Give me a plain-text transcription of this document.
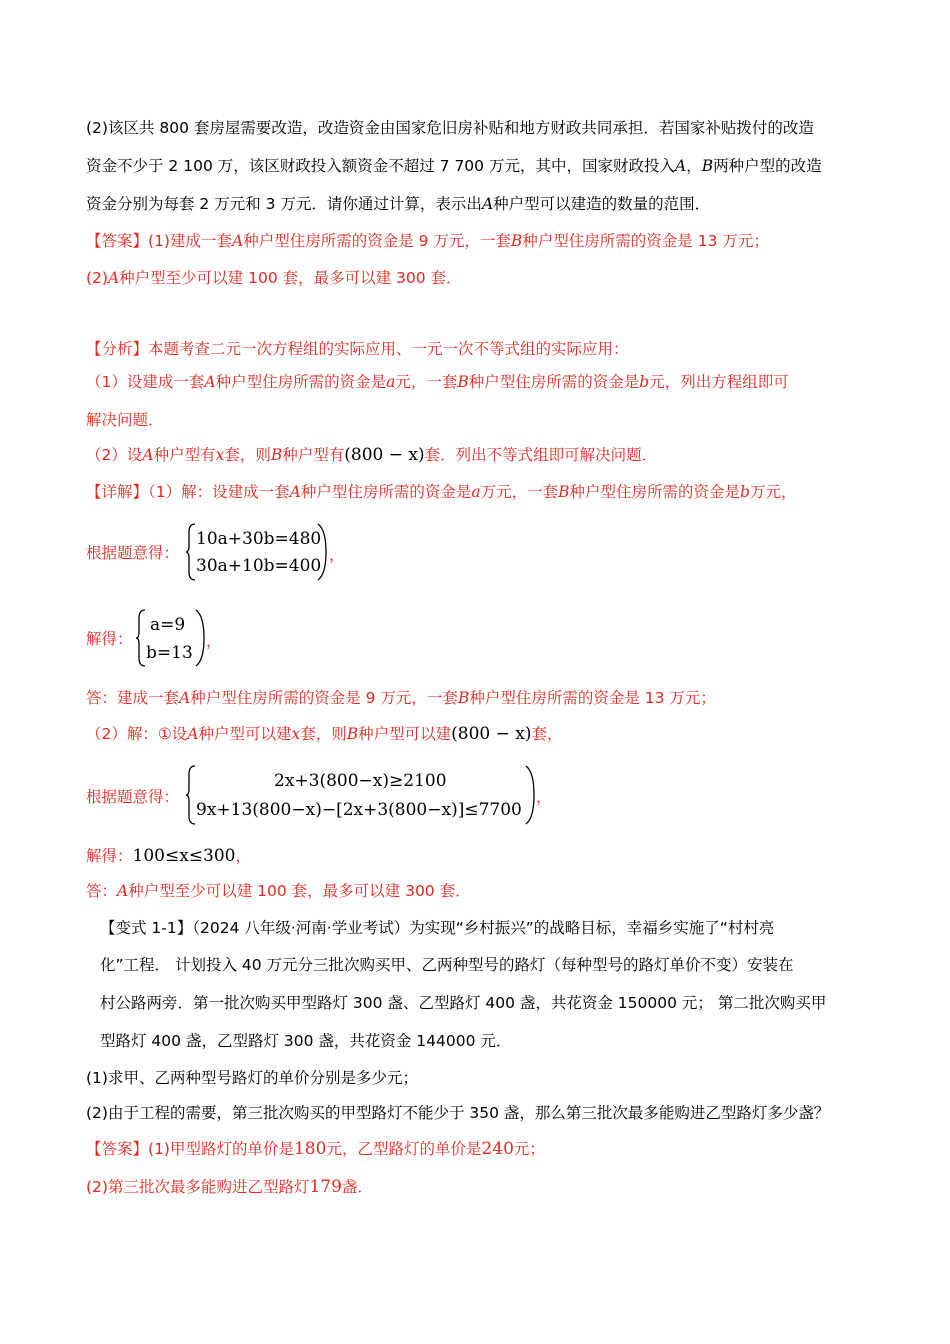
(2)该区共 800 套房屋需要改造，改造资金由国家危旧房补贴和地方财政共同承担．若国家补贴拨付的改造
资金不少于 2 100 万，该区财政投入额资金不超过 7 700 万元，其中，国家财政投入A，B两种户型的改造
资金分别为每套 2 万元和 3 万元．请你通过计算，表示出A种户型可以建造的数量的范围．
【答案】(1)建成一套A种户型住房所需的资金是 9 万元，一套B种户型住房所需的资金是 13 万元；
(2)A种户型至少可以建 100 套，最多可以建 300 套．
【分析】本题考查二元一次方程组的实际应用、一元一次不等式组的实际应用：
（1）设建成一套A种户型住房所需的资金是a元，一套B种户型住房所需的资金是b元，列出方程组即可
解决问题．
（2）设A种户型有x套，则B种户型有(800 − x)套．列出不等式组即可解决问题．
【详解】（1）解：设建成一套A种户型住房所需的资金是a万元，一套B种户型住房所需的资金是b万元，
根据题意得：
10a+30b=480
30a+10b=400
，
解得：
a=9
b=13
，
答：建成一套A种户型住房所需的资金是 9 万元，一套B种户型住房所需的资金是 13 万元；
（2）解：①设A种户型可以建x套，则B种户型可以建(800 − x)套，
根据题意得：
2x+3(800−x)≥2100
9x+13(800−x)−[2x+3(800−x)]≤7700
，
解得：100≤x≤300，
答：A种户型至少可以建 100 套，最多可以建 300 套．
【变式 1-1】（2024 八年级·河南·学业考试）为实现“乡村振兴”的战略目标，幸福乡实施了“村村亮
化”工程． 计划投入 40 万元分三批次购买甲、乙两种型号的路灯（每种型号的路灯单价不变）安装在
村公路两旁．第一批次购买甲型路灯 300 盏、乙型路灯 400 盏，共花资金 150000 元； 第二批次购买甲
型路灯 400 盏，乙型路灯 300 盏，共花资金 144000 元．
(1)求甲、乙两种型号路灯的单价分别是多少元；
(2)由于工程的需要，第三批次购买的甲型路灯不能少于 350 盏，那么第三批次最多能购进乙型路灯多少盏？
【答案】(1)甲型路灯的单价是180元，乙型路灯的单价是240元；
(2)第三批次最多能购进乙型路灯179盏．
